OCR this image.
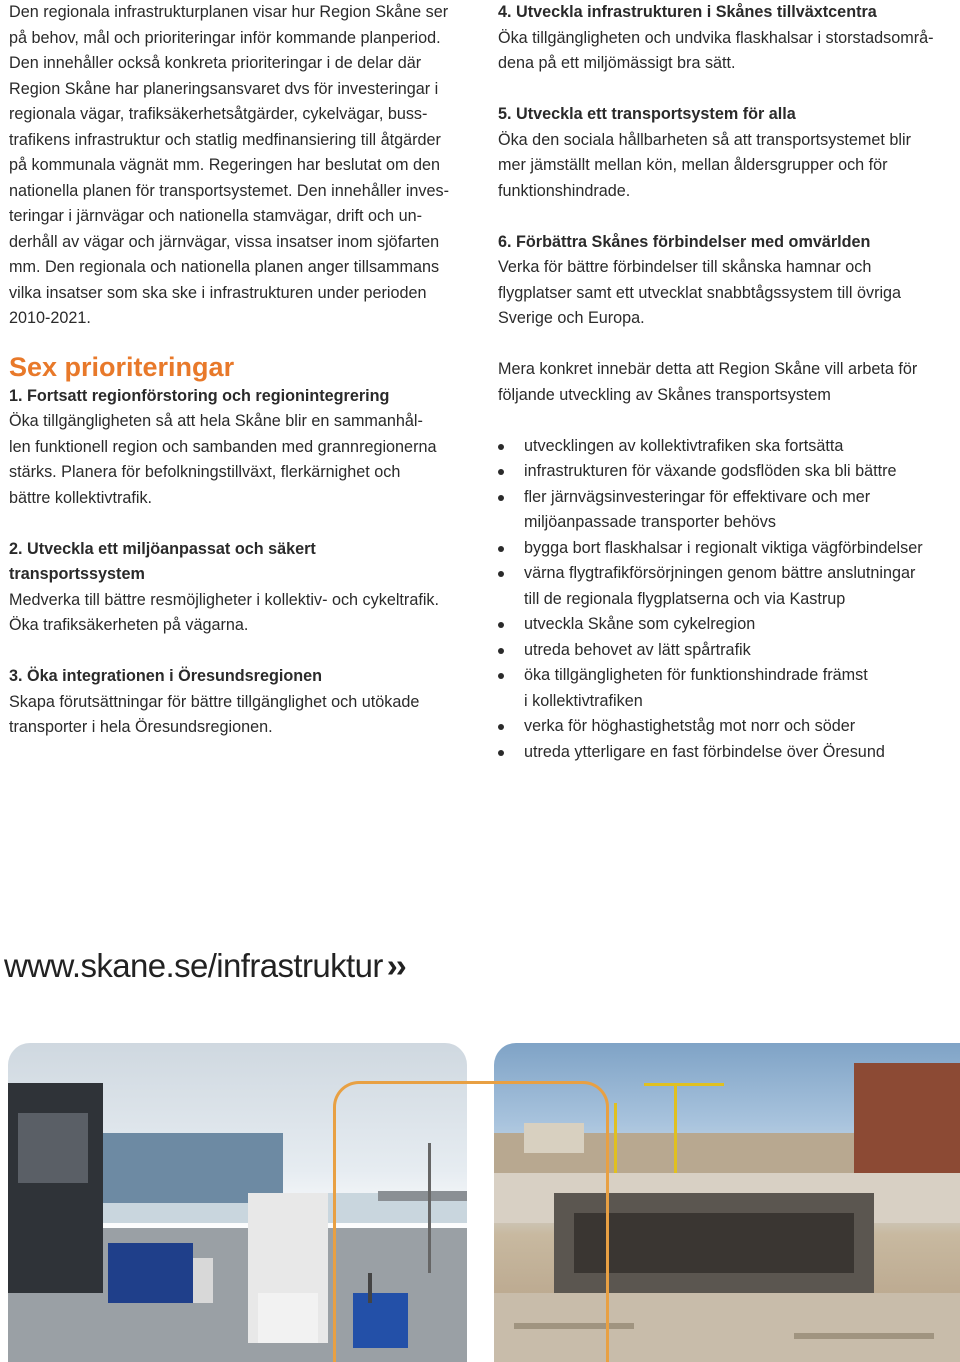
Den regionala infrastrukturplanen visar hur Region Skåne ser
på behov, mål och prioriteringar inför kommande planperiod.
Den innehåller också konkreta prioriteringar i de delar där
Region Skåne har planeringsansvaret dvs för investeringar i
regionala vägar, trafiksäkerhetsåtgärder, cykelvägar, buss-
trafikens infrastruktur och statlig medfinansiering till åtgärder
på kommunala vägnät mm. Regeringen har beslutat om den
nationella planen för transportsystemet. Den innehåller inves-
teringar i järnvägar och nationella stamvägar, drift och un-
derhåll av vägar och järnvägar, vissa insatser inom sjöfarten
mm. Den regionala och nationella planen anger tillsammans
vilka insatser som ska ske i infrastrukturen under perioden
2010-2021.

Sex prioriteringar

1. Fortsatt regionförstoring och regionintegrering

Öka tillgängligheten så att hela Skåne blir en sammanhål-
len funktionell region och sambanden med grannregionerna
stärks. Planera för befolkningstillväxt, flerkärnighet och
bättre kollektivtrafik.

2. Utveckla ett miljöanpassat och säkert
transportssystem

Medverka till bättre resmöjligheter i kollektiv- och cykeltrafik.
Öka trafiksäkerheten på vägarna.

3. Öka integrationen i Öresundsregionen

Skapa förutsättningar för bättre tillgänglighet och utökade
transporter i hela Öresundsregionen.

4. Utveckla infrastrukturen i Skånes tillväxtcentra

Öka tillgängligheten och undvika flaskhalsar i storstadsområ-
dena på ett miljömässigt bra sätt.

5. Utveckla ett transportsystem för alla

Öka den sociala hållbarheten så att transportsystemet blir
mer jämställt mellan kön, mellan åldersgrupper och för
funktionshindrade.

6. Förbättra Skånes förbindelser med omvärlden

Verka för bättre förbindelser till skånska hamnar och
flygplatser samt ett utvecklat snabbtågssystem till övriga
Sverige och Europa.

Mera konkret innebär detta att Region Skåne vill arbeta för
följande utveckling av Skånes transportsystem

utvecklingen av kollektivtrafiken ska fortsätta
infrastrukturen för växande godsflöden ska bli bättre
fler järnvägsinvesteringar för effektivare och mer
miljöanpassade transporter behövs
bygga bort flaskhalsar i regionalt viktiga vägförbindelser
värna flygtrafikförsörjningen genom bättre anslutningar
till de regionala flygplatserna och via Kastrup
utveckla Skåne som cykelregion
utreda behovet av lätt spårtrafik
öka tillgängligheten för funktionshindrade främst
i kollektivtrafiken
verka för höghastighetståg mot norr och söder
utreda ytterligare en fast förbindelse över Öresund
www.skane.se/infrastruktur ››
